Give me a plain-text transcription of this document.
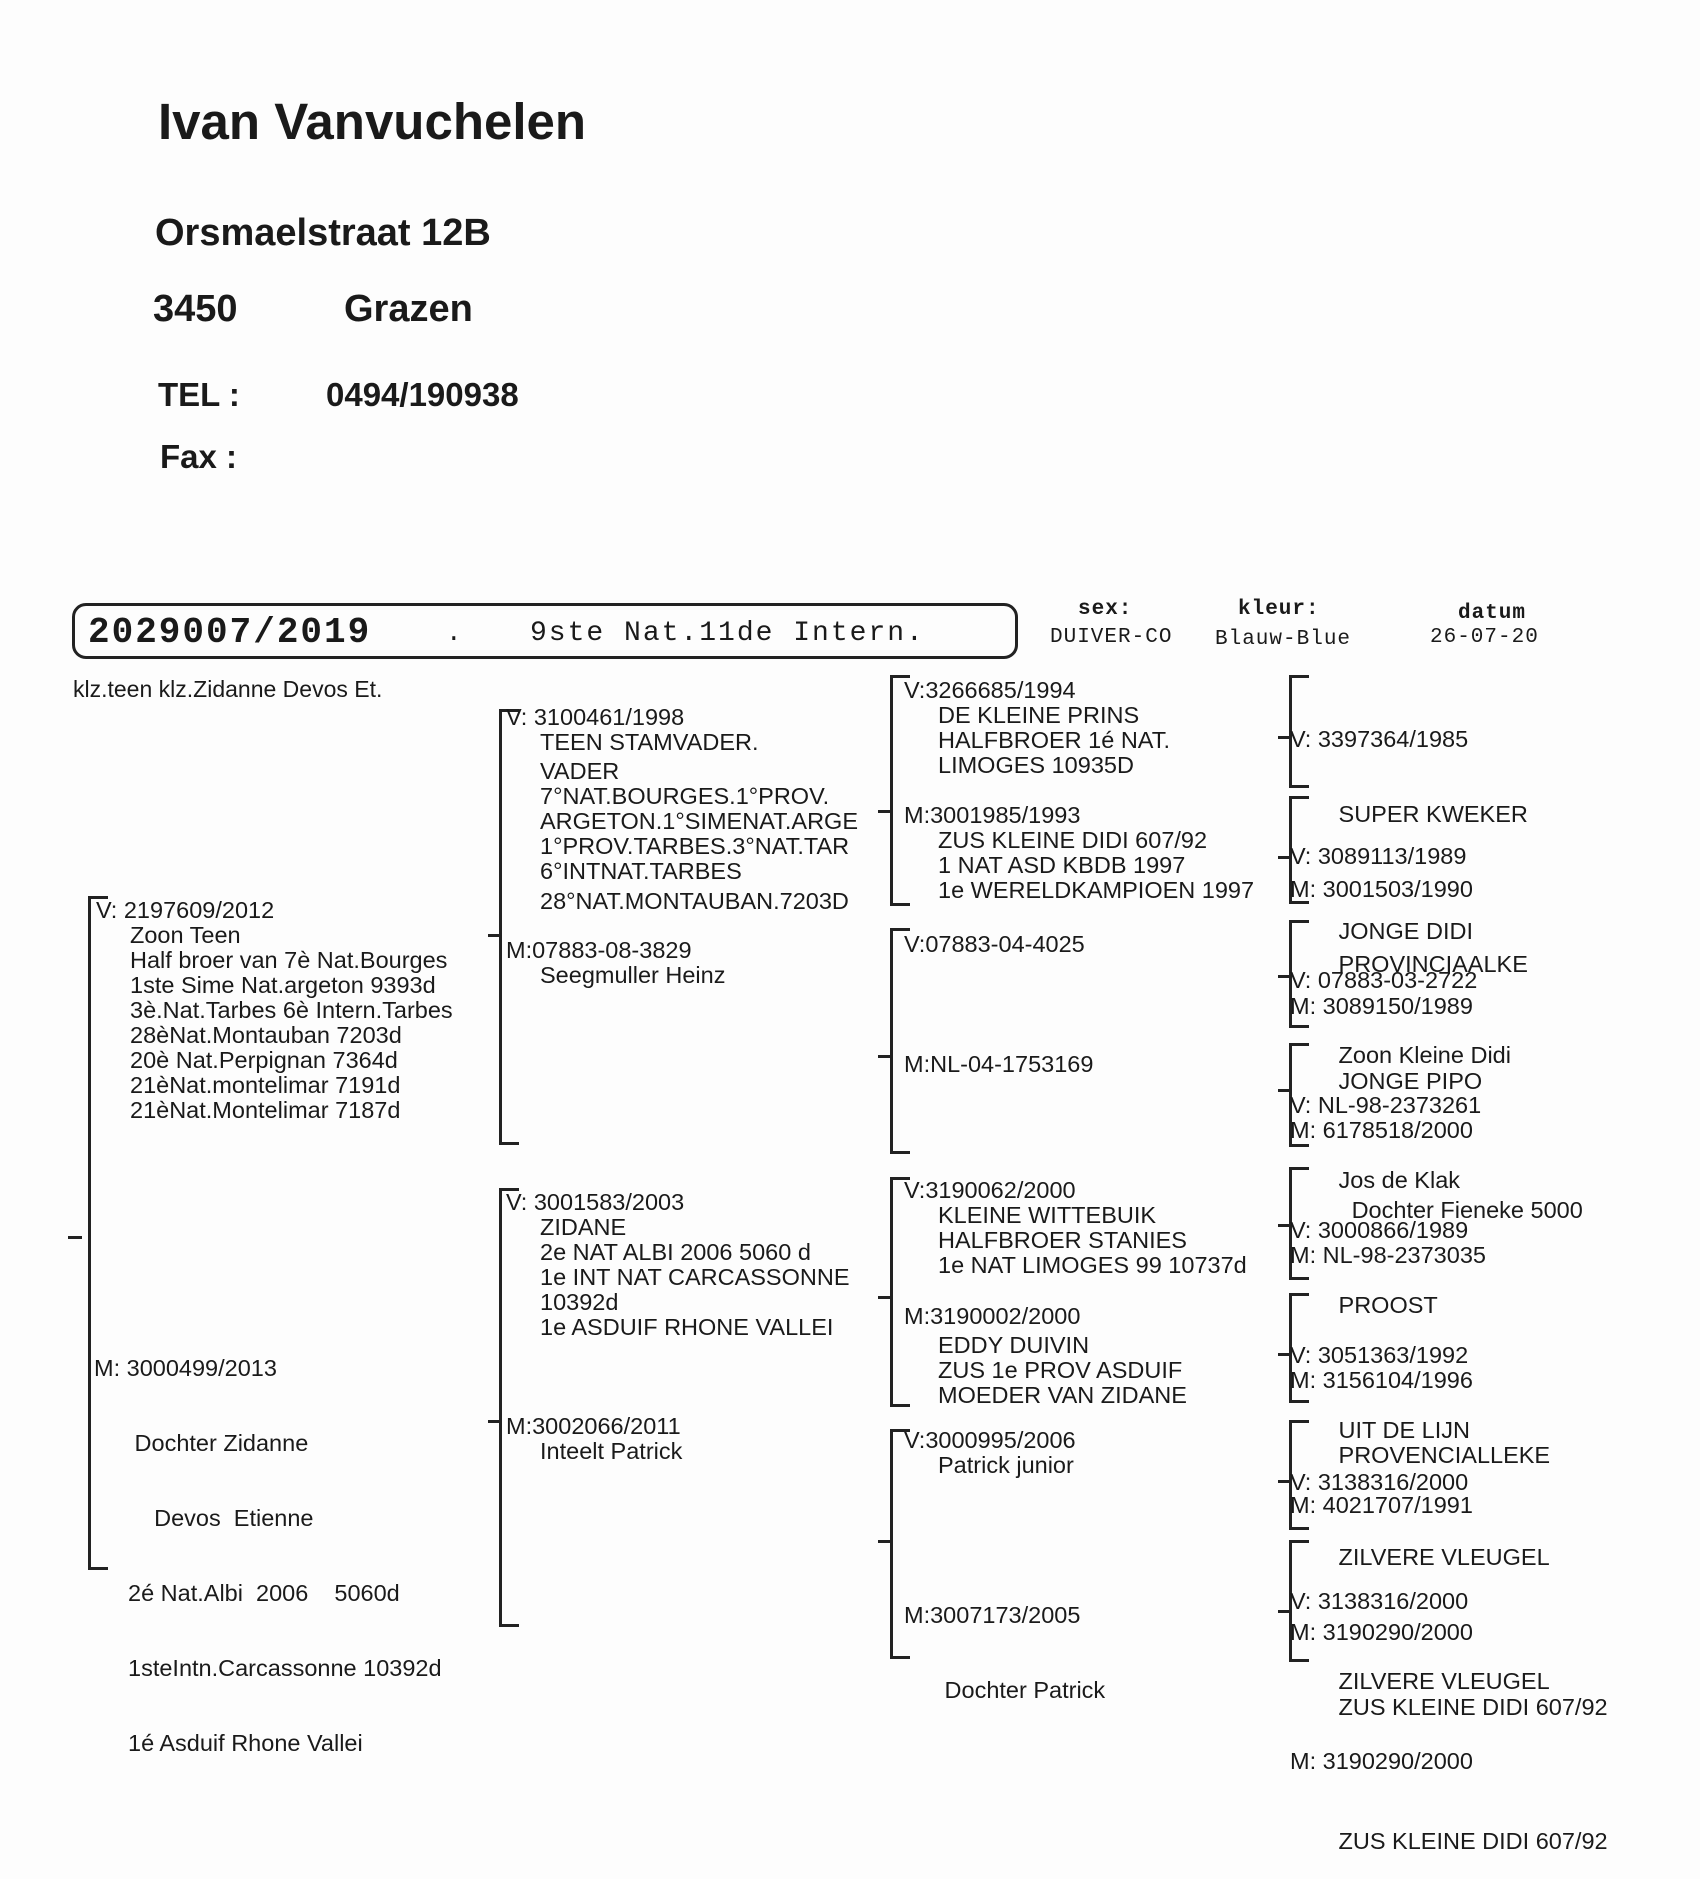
Ivan Vanvuchelen
Orsmaelstraat 12B
3450	Grazen
TEL :	0494/190938
Fax :
2029007/2019	. 9ste Nat.11de Intern.
sex:
DUIVER-CO
kleur:
Blauw-Blue
datum
26-07-20
klz.teen klz.Zidanne Devos Et.
V: 2197609/2012
Zoon Teen
Half broer van 7è Nat.Bourges
1ste Sime Nat.argeton 9393d
3è.Nat.Tarbes 6è Intern.Tarbes
28èNat.Montauban 7203d
20è Nat.Perpignan 7364d
21èNat.montelimar 7191d
21èNat.Montelimar 7187d

M: 3000499/2013

Dochter Zidanne

Devos  Etienne

2é Nat.Albi  2006    5060d

1steIntn.Carcassonne 10392d

1é Asduif Rhone Vallei

V: 3100461/1998
TEEN STAMVADER.
VADER
7°NAT.BOURGES.1°PROV.
ARGETON.1°SIMENAT.ARGE
1°PROV.TARBES.3°NAT.TAR
6°INTNAT.TARBES
28°NAT.MONTAUBAN.7203D
M:07883-08-3829
Seegmuller Heinz
V: 3001583/2003
ZIDANE
2e NAT ALBI 2006 5060 d
1e INT NAT CARCASSONNE
10392d
1e ASDUIF RHONE VALLEI
M:3002066/2011
Inteelt Patrick
V:3266685/1994
DE KLEINE PRINS
HALFBROER 1é NAT.
LIMOGES 10935D
M:3001985/1993
ZUS KLEINE DIDI 607/92
1 NAT ASD KBDB 1997
1e WERELDKAMPIOEN 1997
V:07883-04-4025
M:NL-04-1753169
V:3190062/2000
KLEINE WITTEBUIK
HALFBROER STANIES
1e NAT LIMOGES 99 10737d
M:3190002/2000
EDDY DUIVIN
ZUS 1e PROV ASDUIF
MOEDER VAN ZIDANE
V:3000995/2006
Patrick junior

M:3007173/2005

Dochter Patrick

V: 3397364/1985

SUPER KWEKER

M: 3001503/1990

PROVINCIAALKE

V: 3089113/1989

JONGE DIDI

M: 3089150/1989

JONGE PIPO

V: 07883-03-2722

Zoon Kleine Didi

M: 6178518/2000

Dochter Fieneke 5000

V: NL-98-2373261

Jos de Klak

M: NL-98-2373035

V: 3000866/1989

PROOST

M: 3156104/1996

PROVENCIALLEKE

V: 3051363/1992

UIT DE LIJN

M: 4021707/1991

V: 3138316/2000

ZILVERE VLEUGEL

M: 3190290/2000

ZUS KLEINE DIDI 607/92

V: 3138316/2000

ZILVERE VLEUGEL

M: 3190290/2000

ZUS KLEINE DIDI 607/92
